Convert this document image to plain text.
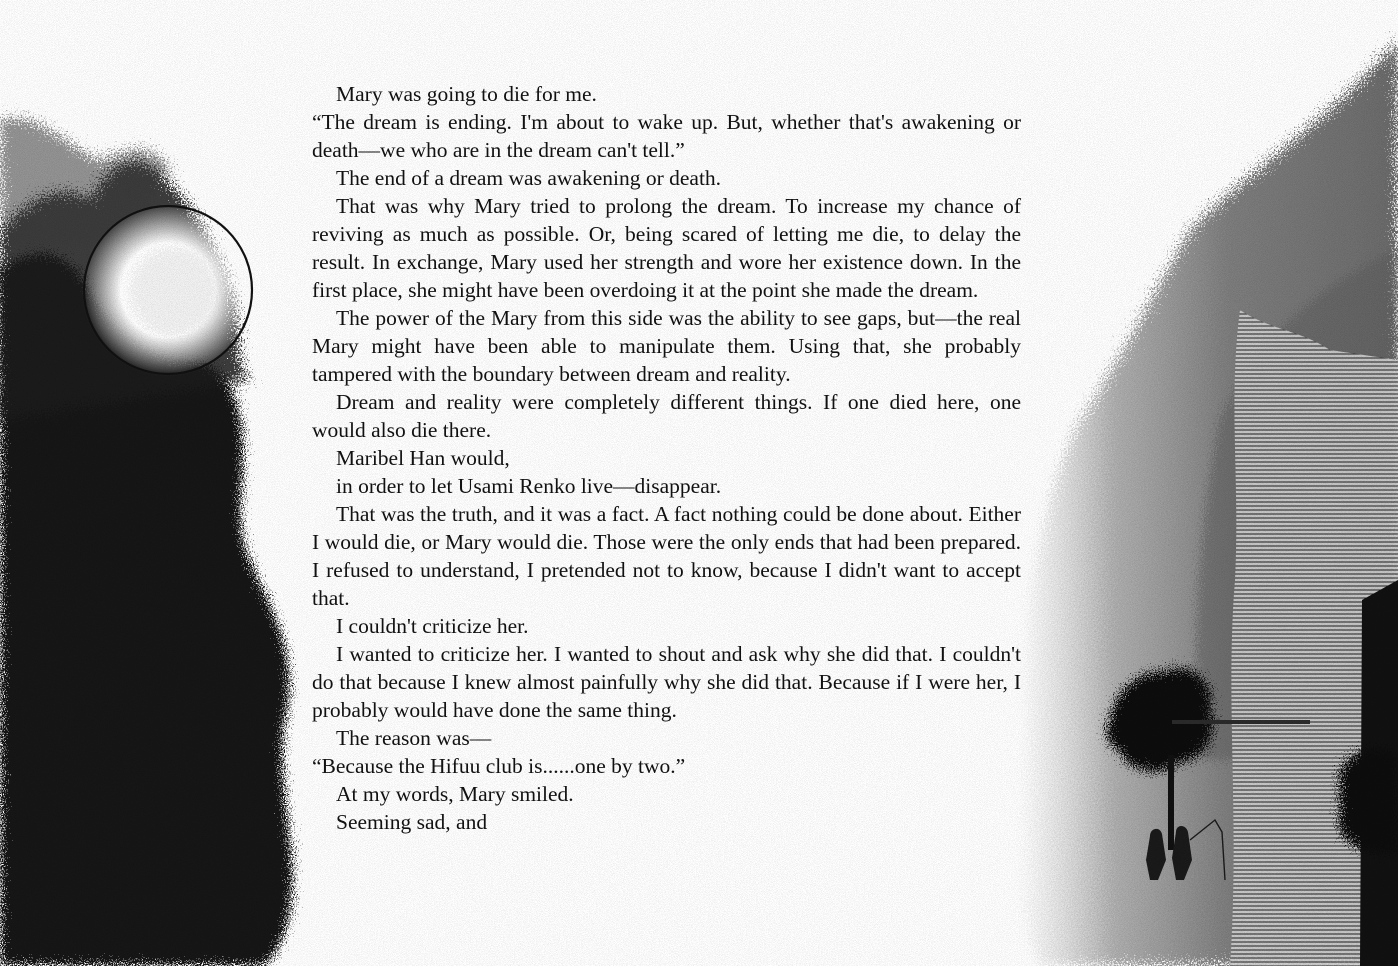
Mary was going to die for me.

“The dream is ending. I'm about to wake up. But, whether that's awakening or death—we who are in the dream can't tell.”

The end of a dream was awakening or death.

That was why Mary tried to prolong the dream. To increase my chance of reviving as much as possible. Or, being scared of letting me die, to delay the result. In exchange, Mary used her strength and wore her existence down. In the first place, she might have been overdoing it at the point she made the dream.

The power of the Mary from this side was the ability to see gaps, but—the real Mary might have been able to manipulate them. Using that, she probably tampered with the boundary between dream and reality.

Dream and reality were completely different things. If one died here, one would also die there.

Maribel Han would,

in order to let Usami Renko live—disappear.

That was the truth, and it was a fact. A fact nothing could be done about. Either I would die, or Mary would die. Those were the only ends that had been prepared. I refused to understand, I pretended not to know, because I didn't want to accept that.

I couldn't criticize her.

I wanted to criticize her. I wanted to shout and ask why she did that. I couldn't do that because I knew almost painfully why she did that. Because if I were her, I probably would have done the same thing.

The reason was—

“Because the Hifuu club is......one by two.”

At my words, Mary smiled.

Seeming sad, and
